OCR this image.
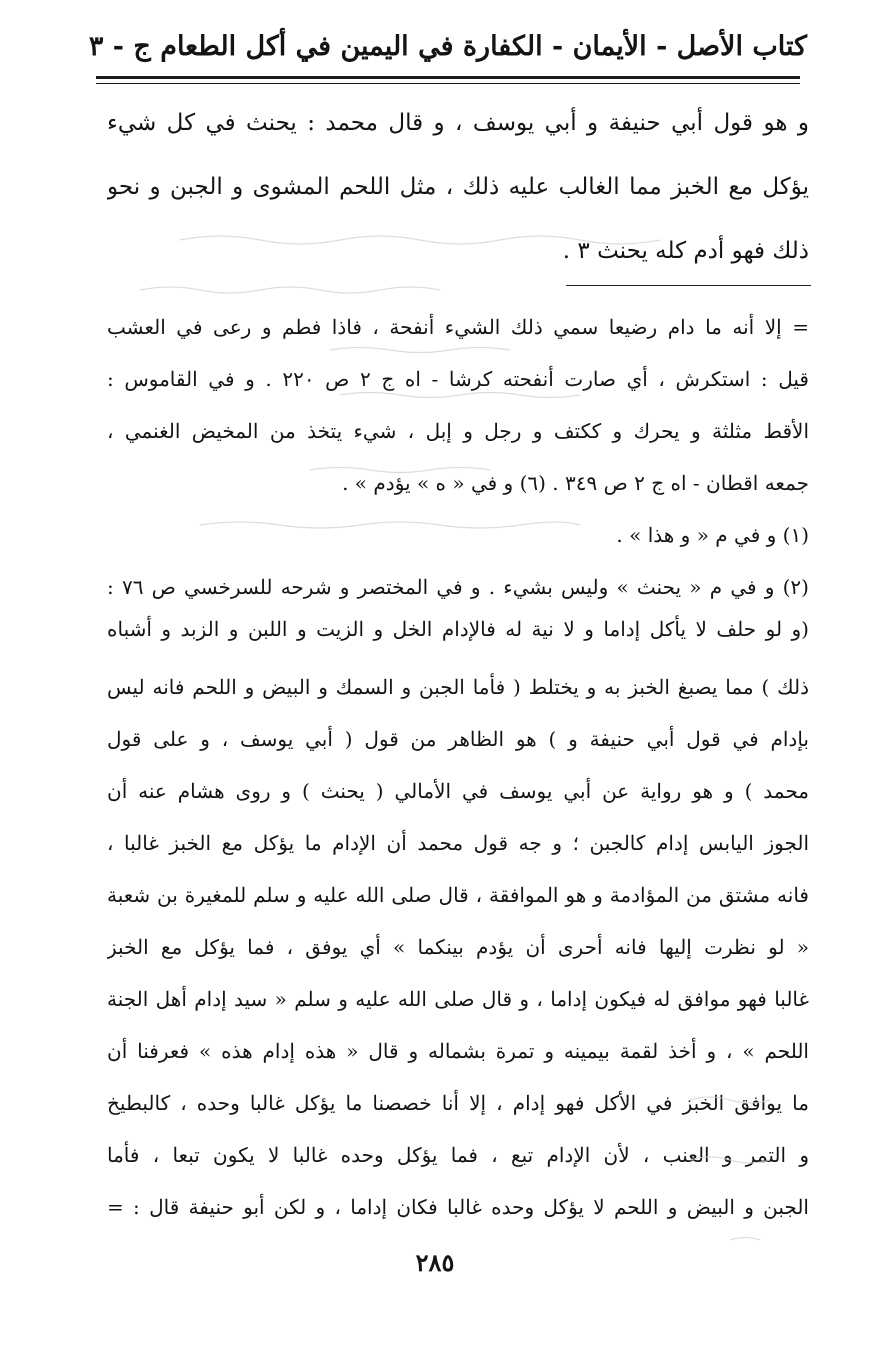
كتاب الأصل - الأيمان - الكفارة في اليمين في أكل الطعام ج - ٣
و هو قول أبي حنيفة و أبي يوسف ، و قال محمد : يحنث في كل شيء
يؤكل مع الخبز مما الغالب عليه ذلك ، مثل اللحم المشوى و الجبن و نحو
ذلك فهو أدم كله يحنث ٣ .
= إلا أنه ما دام رضيعا سمي ذلك الشيء أنفحة ، فاذا فطم و رعى في العشب
قيل : استكرش ، أي صارت أنفحته كرشا - اه ج ٢ ص ٢٢٠ . و في القاموس :
الأقط مثلثة و يحرك و ككتف و رجل و إبل ، شيء يتخذ من المخيض الغنمي ،
جمعه اقطان - اه ج ٢ ص ٣٤٩ . (٦) و في « ه » يؤدم » .
(١) و في م « و هذا » .
(٢) و في م « يحنث » وليس بشيء . و في المختصر و شرحه للسرخسي ص ٧٦ :
(و لو حلف لا يأكل إداما و لا نية له فالإدام الخل و الزيت و اللبن و الزبد و أشباه
ذلك ) مما يصبغ الخبز به و يختلط ( فأما الجبن و السمك و البيض و اللحم فانه ليس
بإدام في قول أبي حنيفة و ) هو الظاهر من قول ( أبي يوسف ، و على قول
محمد ) و هو رواية عن أبي يوسف في الأمالي ( يحنث ) و روى هشام عنه أن
الجوز اليابس إدام كالجبن ؛ و جه قول محمد أن الإدام ما يؤكل مع الخبز غالبا ،
فانه مشتق من المؤادمة و هو الموافقة ، قال صلى الله عليه و سلم للمغيرة بن شعبة
« لو نظرت إليها فانه أحرى أن يؤدم بينكما » أي يوفق ، فما يؤكل مع الخبز
غالبا فهو موافق له فيكون إداما ، و قال صلى الله عليه و سلم « سيد إدام أهل الجنة
اللحم » ، و أخذ لقمة بيمينه و تمرة بشماله و قال « هذه إدام هذه » فعرفنا أن
ما يوافق الخبز في الأكل فهو إدام ، إلا أنا خصصنا ما يؤكل غالبا وحده ، كالبطيخ
و التمر و العنب ، لأن الإدام تبع ، فما يؤكل وحده غالبا لا يكون تبعا ، فأما
الجبن و البيض و اللحم لا يؤكل وحده غالبا فكان إداما ، و لكن أبو حنيفة قال : =
٢٨٥
